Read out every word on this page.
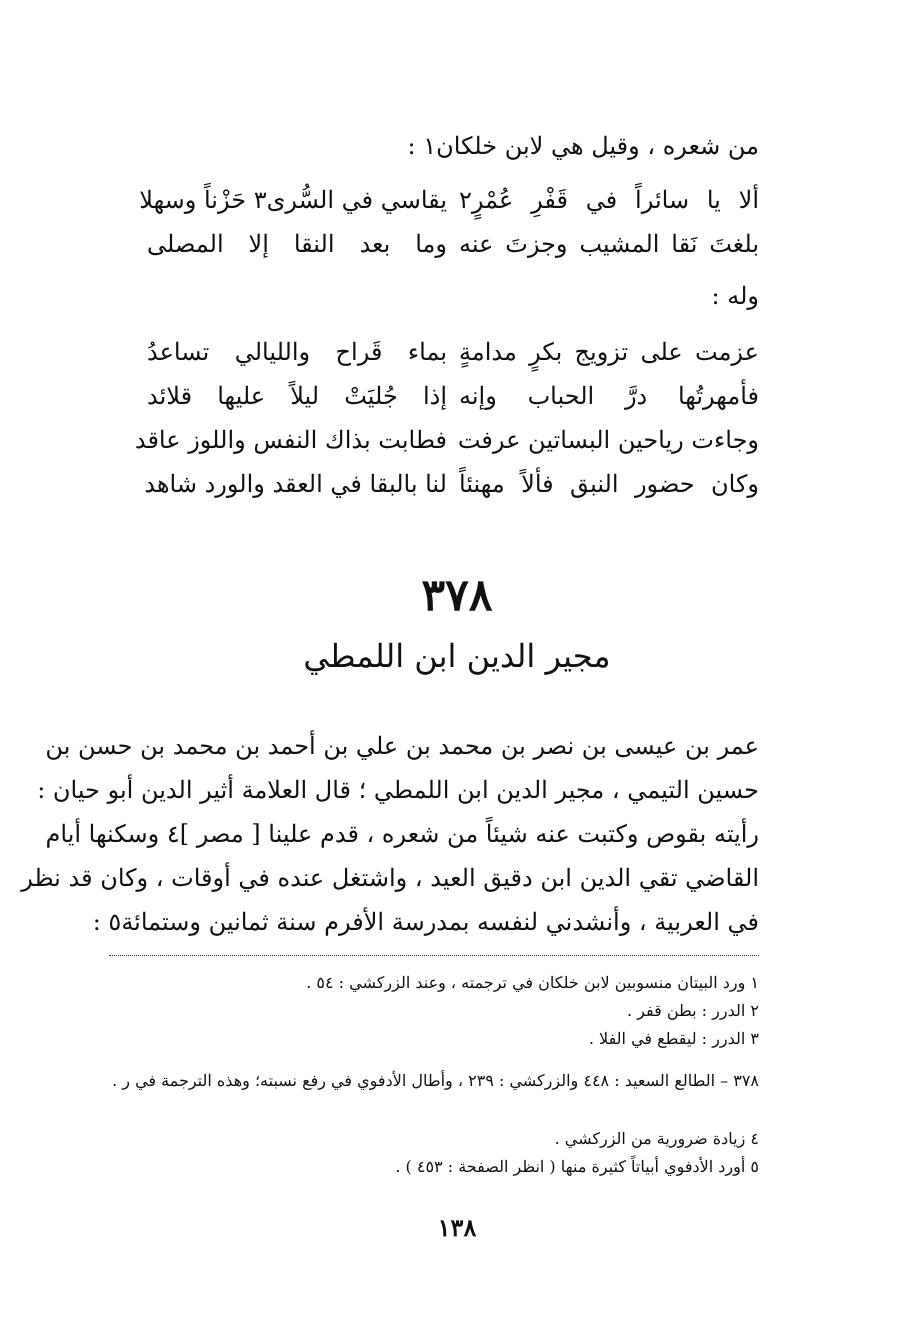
من شعره ، وقيل هي لابن خلكان١ :
ألا يا سائراً في قَفْرِ عُمْرٍ٢
يقاسي في السُّرى٣ حَزْناً وسهلا
بلغتَ نَقا المشيب وجزتَ عنه
وما بعد النقا إلا المصلى
وله :
عزمت على تزويج بكرٍ مدامةٍ
بماء قَراح والليالي تساعدُ
فأمهرتُها درَّ الحباب وإنه
إذا جُليَتْ ليلاً عليها قلائد
وجاءت رياحين البساتين عرفت
فطابت بذاك النفس واللوز عاقد
وكان حضور النبق فألاً مهنئاً
لنا بالبقا في العقد والورد شاهد
٣٧٨
مجير الدين ابن اللمطي
عمر بن عيسى بن نصر بن محمد بن علي بن أحمد بن محمد بن حسن بن
حسين التيمي ، مجير الدين ابن اللمطي ؛ قال العلامة أثير الدين أبو حيان :
رأيته بقوص وكتبت عنه شيئاً من شعره ، قدم علينا [ مصر ]٤ وسكنها أيام
القاضي تقي الدين ابن دقيق العيد ، واشتغل عنده في أوقات ، وكان قد نظر
في العربية ، وأنشدني لنفسه بمدرسة الأفرم سنة ثمانين وستمائة٥ :
١ ورد البيتان منسوبين لابن خلكان في ترجمته ، وعند الزركشي : ٥٤ .
٢ الدرر : بطن قفر .
٣ الدرر : ليقطع في الفلا .
٣٧٨ – الطالع السعيد : ٤٤٨ والزركشي : ٢٣٩ ، وأطال الأدفوي في رفع نسبته؛ وهذه الترجمة في ر .
٤ زيادة ضرورية من الزركشي .
٥ أورد الأدفوي أبياتاً كثيرة منها ( انظر الصفحة : ٤٥٣ ) .
١٣٨
